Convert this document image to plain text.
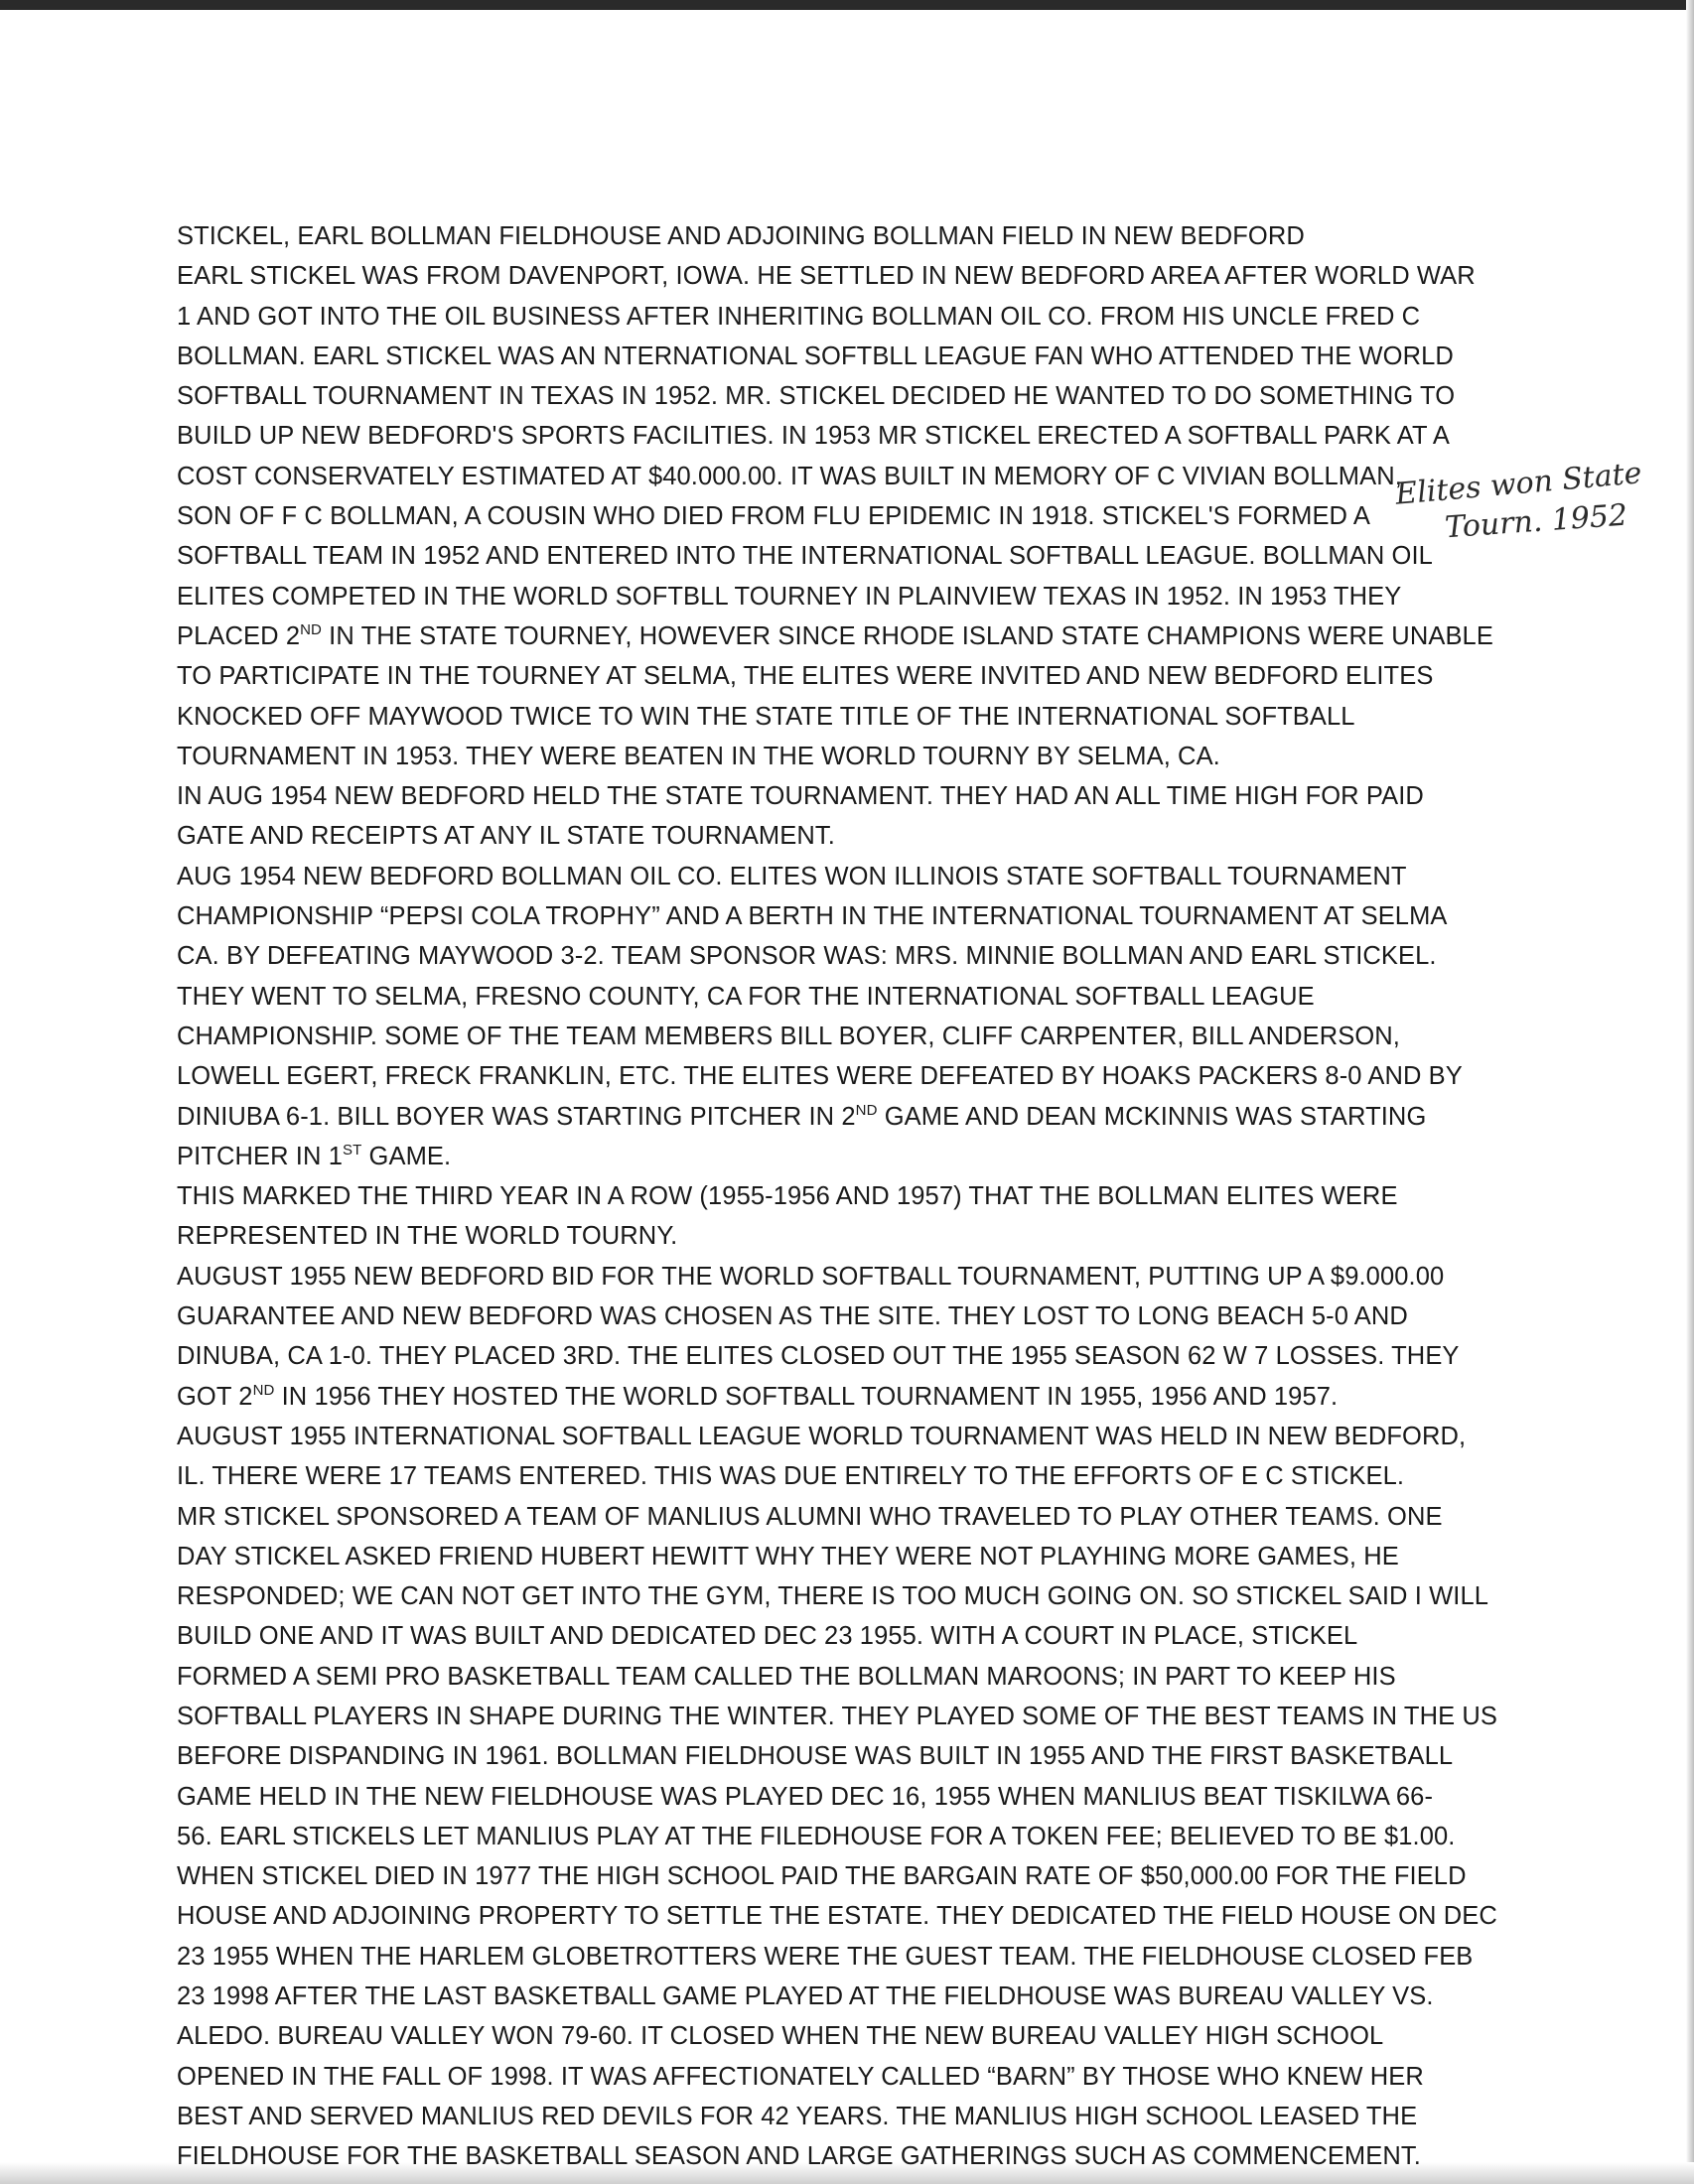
STICKEL, EARL BOLLMAN FIELDHOUSE AND ADJOINING BOLLMAN FIELD IN NEW BEDFORD
EARL STICKEL WAS FROM DAVENPORT, IOWA. HE SETTLED IN NEW BEDFORD AREA AFTER WORLD WAR
1 AND GOT INTO THE OIL BUSINESS AFTER INHERITING BOLLMAN OIL CO. FROM HIS UNCLE FRED C
BOLLMAN. EARL STICKEL WAS AN NTERNATIONAL SOFTBLL LEAGUE FAN WHO ATTENDED THE WORLD
SOFTBALL TOURNAMENT IN TEXAS IN 1952. MR. STICKEL DECIDED HE WANTED TO DO SOMETHING TO
BUILD UP NEW BEDFORD'S SPORTS FACILITIES. IN 1953 MR STICKEL ERECTED A SOFTBALL PARK AT A
COST CONSERVATELY ESTIMATED AT $40.000.00. IT WAS BUILT IN MEMORY OF C VIVIAN BOLLMAN,
SON OF F C BOLLMAN, A COUSIN WHO DIED FROM FLU EPIDEMIC IN 1918. STICKEL'S FORMED A
SOFTBALL TEAM IN 1952 AND ENTERED INTO THE INTERNATIONAL SOFTBALL LEAGUE. BOLLMAN OIL
ELITES COMPETED IN THE WORLD SOFTBLL TOURNEY IN PLAINVIEW TEXAS IN 1952. IN 1953 THEY
PLACED 2ND IN THE STATE TOURNEY, HOWEVER SINCE RHODE ISLAND STATE CHAMPIONS WERE UNABLE
TO PARTICIPATE IN THE TOURNEY AT SELMA, THE ELITES WERE INVITED AND NEW BEDFORD ELITES
KNOCKED OFF MAYWOOD TWICE TO WIN THE STATE TITLE OF THE INTERNATIONAL SOFTBALL
TOURNAMENT IN 1953. THEY WERE BEATEN IN THE WORLD TOURNY BY SELMA, CA.
IN AUG 1954 NEW BEDFORD HELD THE STATE TOURNAMENT. THEY HAD AN ALL TIME HIGH FOR PAID
GATE AND RECEIPTS AT ANY IL STATE TOURNAMENT.
AUG 1954 NEW BEDFORD BOLLMAN OIL CO. ELITES WON ILLINOIS STATE SOFTBALL TOURNAMENT
CHAMPIONSHIP “PEPSI COLA TROPHY” AND A BERTH IN THE INTERNATIONAL TOURNAMENT AT SELMA
CA. BY DEFEATING MAYWOOD 3-2. TEAM SPONSOR WAS: MRS. MINNIE BOLLMAN AND EARL STICKEL.
THEY WENT TO SELMA, FRESNO COUNTY, CA FOR THE INTERNATIONAL SOFTBALL LEAGUE
CHAMPIONSHIP. SOME OF THE TEAM MEMBERS BILL BOYER, CLIFF CARPENTER, BILL ANDERSON,
LOWELL EGERT, FRECK FRANKLIN, ETC. THE ELITES WERE DEFEATED BY HOAKS PACKERS 8-0 AND BY
DINIUBA 6-1. BILL BOYER WAS STARTING PITCHER IN 2ND GAME AND DEAN MCKINNIS WAS STARTING
PITCHER IN 1ST GAME.
THIS MARKED THE THIRD YEAR IN A ROW (1955-1956 AND 1957) THAT THE BOLLMAN ELITES WERE
REPRESENTED IN THE WORLD TOURNY.
AUGUST 1955 NEW BEDFORD BID FOR THE WORLD SOFTBALL TOURNAMENT, PUTTING UP A $9.000.00
GUARANTEE AND NEW BEDFORD WAS CHOSEN AS THE SITE. THEY LOST TO LONG BEACH 5-0 AND
DINUBA, CA 1-0. THEY PLACED 3RD. THE ELITES CLOSED OUT THE 1955 SEASON 62 W 7 LOSSES. THEY
GOT 2ND IN 1956 THEY HOSTED THE WORLD SOFTBALL TOURNAMENT IN 1955, 1956 AND 1957.
AUGUST 1955 INTERNATIONAL SOFTBALL LEAGUE WORLD TOURNAMENT WAS HELD IN NEW BEDFORD,
IL. THERE WERE 17 TEAMS ENTERED. THIS WAS DUE ENTIRELY TO THE EFFORTS OF E C STICKEL.
MR STICKEL SPONSORED A TEAM OF MANLIUS ALUMNI WHO TRAVELED TO PLAY OTHER TEAMS. ONE
DAY STICKEL ASKED FRIEND HUBERT HEWITT WHY THEY WERE NOT PLAYHING MORE GAMES, HE
RESPONDED; WE CAN NOT GET INTO THE GYM, THERE IS TOO MUCH GOING ON. SO STICKEL SAID I WILL
BUILD ONE AND IT WAS BUILT AND DEDICATED DEC 23 1955. WITH A COURT IN PLACE, STICKEL
FORMED A SEMI PRO BASKETBALL TEAM CALLED THE BOLLMAN MAROONS; IN PART TO KEEP HIS
SOFTBALL PLAYERS IN SHAPE DURING THE WINTER. THEY PLAYED SOME OF THE BEST TEAMS IN THE US
BEFORE DISPANDING IN 1961. BOLLMAN FIELDHOUSE WAS BUILT IN 1955 AND THE FIRST BASKETBALL
GAME HELD IN THE NEW FIELDHOUSE WAS PLAYED DEC 16, 1955 WHEN MANLIUS BEAT TISKILWA 66-
56. EARL STICKELS LET MANLIUS PLAY AT THE FILEDHOUSE FOR A TOKEN FEE; BELIEVED TO BE $1.00.
WHEN STICKEL DIED IN 1977 THE HIGH SCHOOL PAID THE BARGAIN RATE OF $50,000.00 FOR THE FIELD
HOUSE AND ADJOINING PROPERTY TO SETTLE THE ESTATE. THEY DEDICATED THE FIELD HOUSE ON DEC
23 1955 WHEN THE HARLEM GLOBETROTTERS WERE THE GUEST TEAM. THE FIELDHOUSE CLOSED FEB
23 1998 AFTER THE LAST BASKETBALL GAME PLAYED AT THE FIELDHOUSE WAS BUREAU VALLEY VS.
ALEDO. BUREAU VALLEY WON 79-60. IT CLOSED WHEN THE NEW BUREAU VALLEY HIGH SCHOOL
OPENED IN THE FALL OF 1998. IT WAS AFFECTIONATELY CALLED “BARN” BY THOSE WHO KNEW HER
BEST AND SERVED MANLIUS RED DEVILS FOR 42 YEARS. THE MANLIUS HIGH SCHOOL LEASED THE
FIELDHOUSE FOR THE BASKETBALL SEASON AND LARGE GATHERINGS SUCH AS COMMENCEMENT.
Elites won State
Tourn. 1952
